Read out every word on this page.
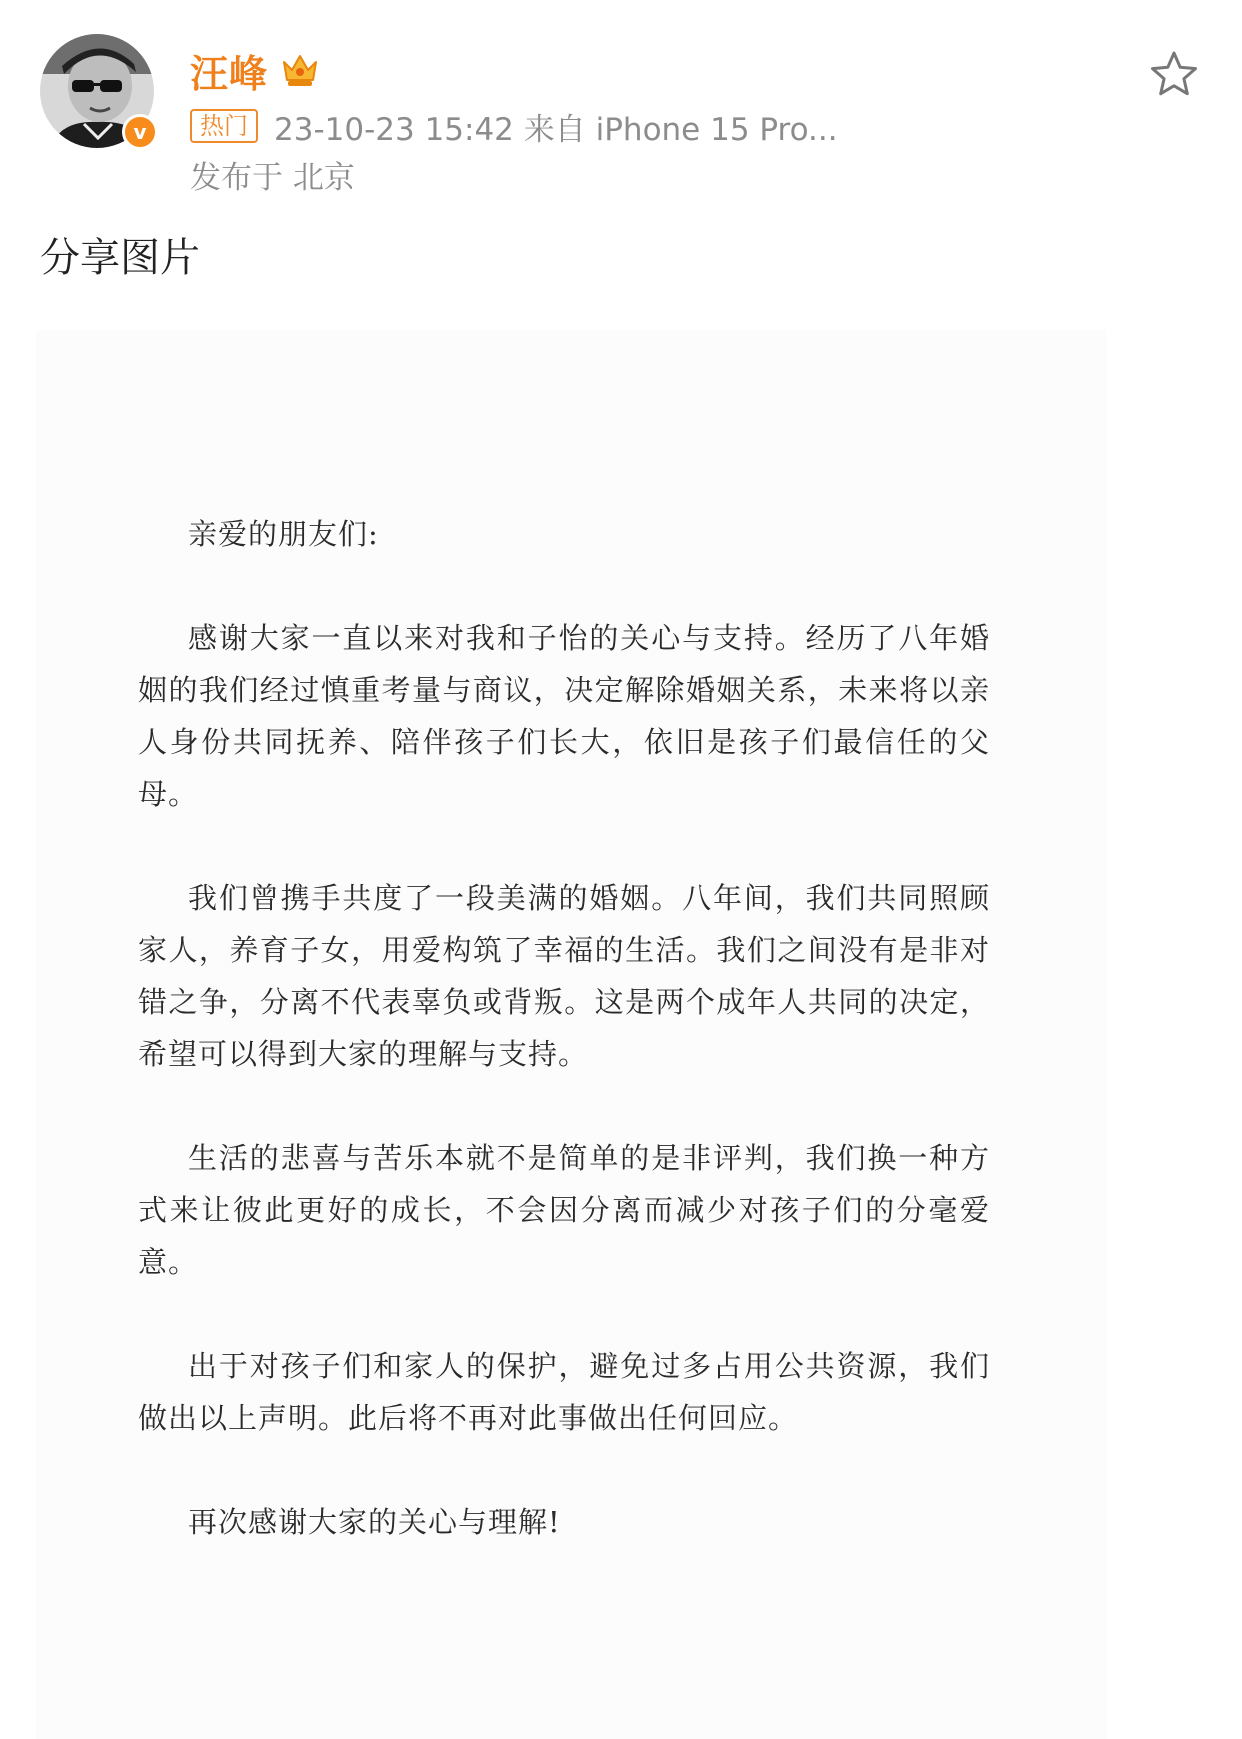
v
汪峰
热门 23-10-23 15:42 来自 iPhone 15 Pro...
发布于 北京
分享图片

亲爱的朋友们:

感谢大家一直以来对我和子怡的关心与支持。经历了八年婚姻的我们经过慎重考量与商议，决定解除婚姻关系，未来将以亲人身份共同抚养、陪伴孩子们长大，依旧是孩子们最信任的父母。

我们曾携手共度了一段美满的婚姻。八年间，我们共同照顾家人，养育子女，用爱构筑了幸福的生活。我们之间没有是非对错之争，分离不代表辜负或背叛。这是两个成年人共同的决定，希望可以得到大家的理解与支持。

生活的悲喜与苦乐本就不是简单的是非评判，我们换一种方式来让彼此更好的成长，不会因分离而减少对孩子们的分毫爱意。

出于对孩子们和家人的保护，避免过多占用公共资源，我们做出以上声明。此后将不再对此事做出任何回应。

再次感谢大家的关心与理解!
